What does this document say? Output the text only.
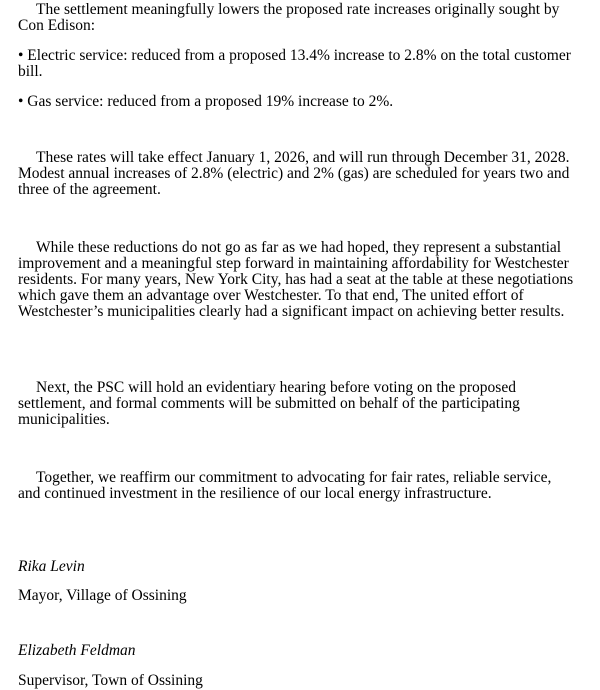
The settlement meaningfully lowers the proposed rate increases originally sought by Con Edison:

• Electric service: reduced from a proposed 13.4% increase to 2.8% on the total customer bill.

• Gas service: reduced from a proposed 19% increase to 2%.

These rates will take effect January 1, 2026, and will run through December 31, 2028. Modest annual increases of 2.8% (electric) and 2% (gas) are scheduled for years two and three of the agreement.

While these reductions do not go as far as we had hoped, they represent a substantial improvement and a meaningful step forward in maintaining affordability for Westchester residents. For many years, New York City, has had a seat at the table at these negotiations which gave them an advantage over Westchester. To that end, The united effort of Westchester’s municipalities clearly had a significant impact on achieving better results.

Next, the PSC will hold an evidentiary hearing before voting on the proposed settlement, and formal comments will be submitted on behalf of the participating municipalities.

Together, we reaffirm our commitment to advocating for fair rates, reliable service, and continued investment in the resilience of our local energy infrastructure.

Rika Levin

Mayor, Village of Ossining

Elizabeth Feldman

Supervisor, Town of Ossining
